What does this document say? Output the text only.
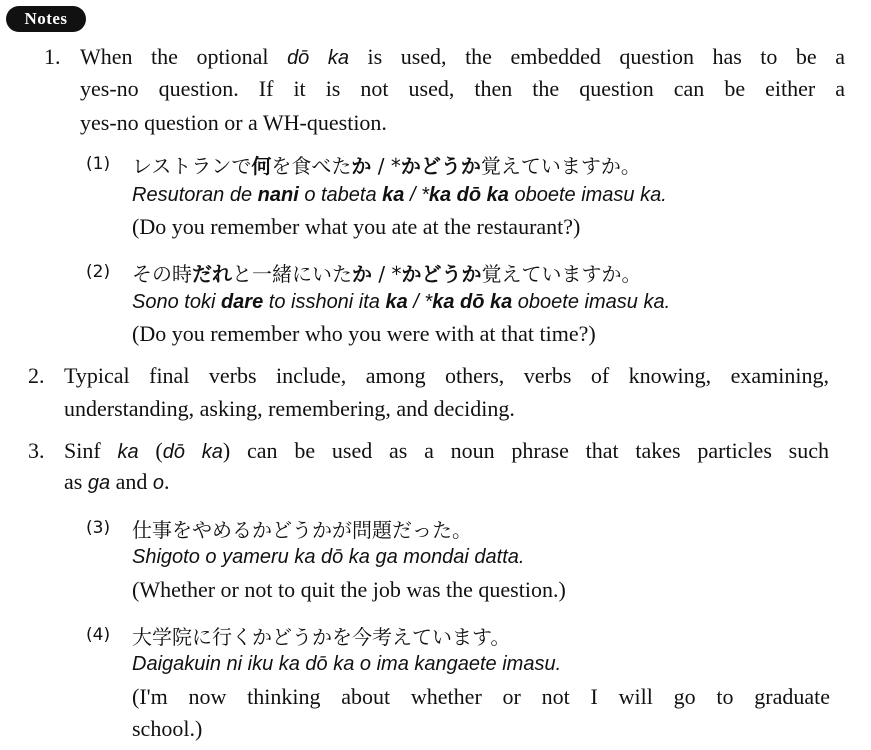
Notes
1. When the optional dō ka is used, the embedded question has to be a
yes-no question. If it is not used, then the question can be either a
yes-no question or a WH-question.
(1) レストランで何を食べたか / *かどうか覚えていますか。
Resutoran de nani o tabeta ka / *ka dō ka oboete imasu ka.
(Do you remember what you ate at the restaurant?)
(2) その時だれと一緒にいたか / *かどうか覚えていますか。
Sono toki dare to isshoni ita ka / *ka dō ka oboete imasu ka.
(Do you remember who you were with at that time?)
2. Typical final verbs include, among others, verbs of knowing, examining,
understanding, asking, remembering, and deciding.
3. Sinf ka (dō ka) can be used as a noun phrase that takes particles such
as ga and o.
(3) 仕事をやめるかどうかが問題だった。
Shigoto o yameru ka dō ka ga mondai datta.
(Whether or not to quit the job was the question.)
(4) 大学院に行くかどうかを今考えています。
Daigakuin ni iku ka dō ka o ima kangaete imasu.
(I'm now thinking about whether or not I will go to graduate
school.)
